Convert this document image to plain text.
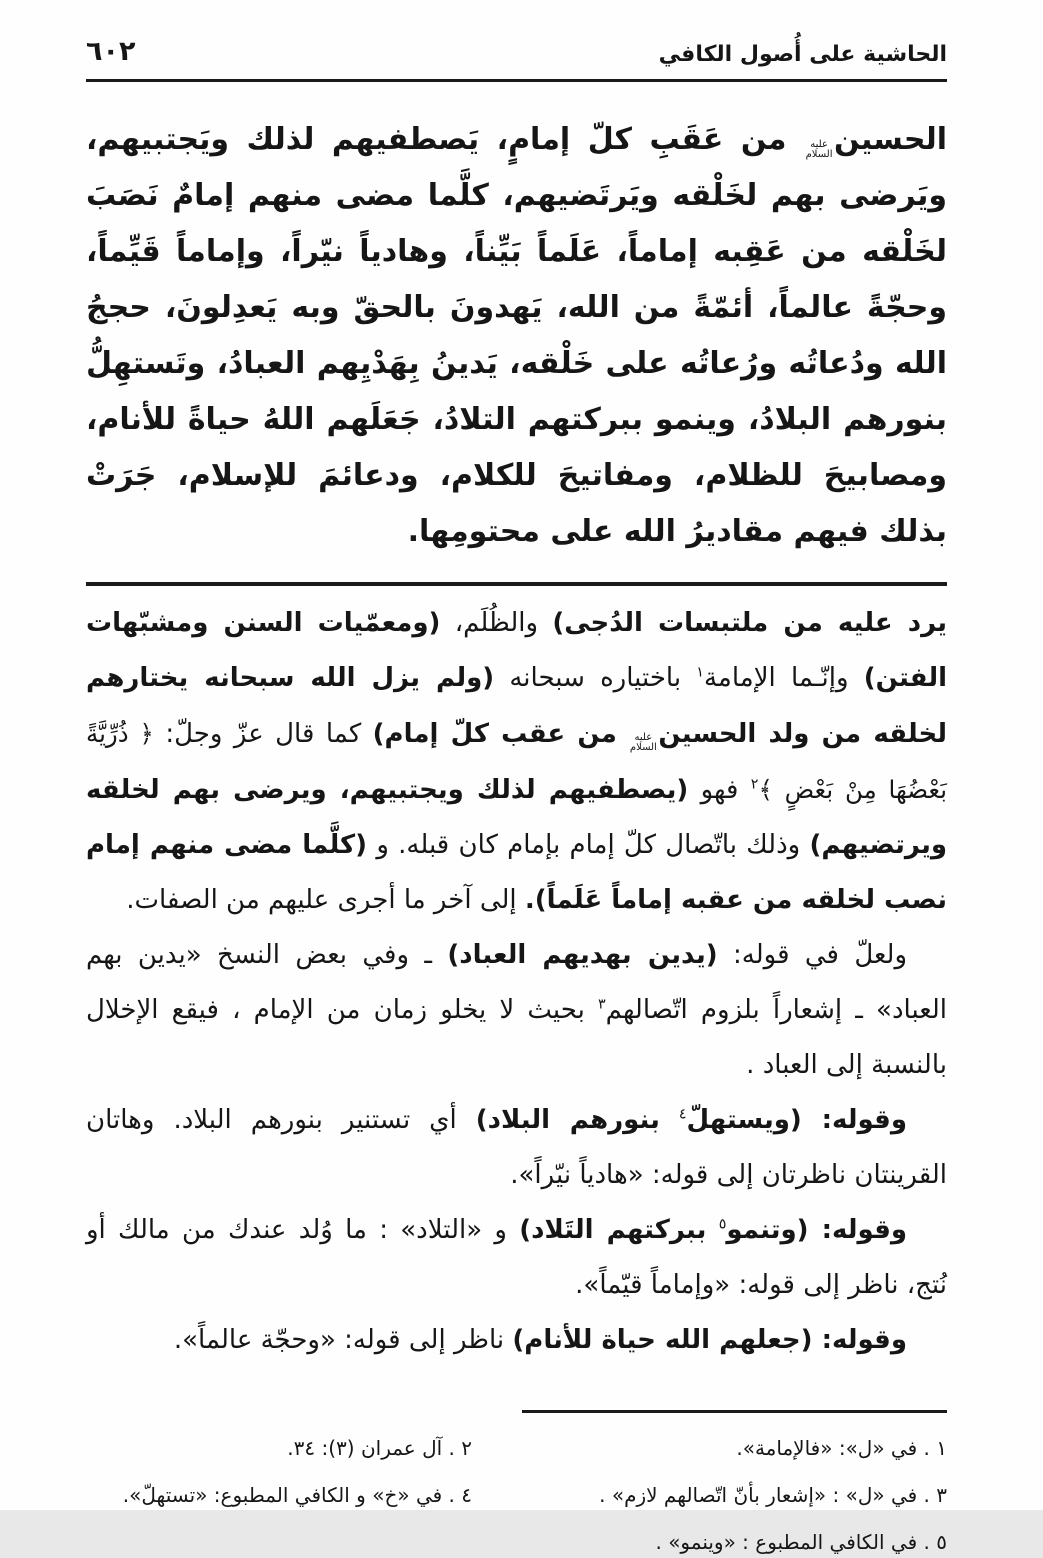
الحاشية على أُصول الكافي
٦٠٢

الحسينعليه السلام من عَقَبِ كلّ إمامٍ، يَصطفيهم لذلك ويَجتبيهم، ويَرضى بهم لخَلْقه ويَرتَضيهم، كلَّما مضى منهم إمامٌ نَصَبَ لخَلْقه من عَقِبه إماماً، عَلَماً بَيِّناً، وهادياً نيّراً، وإماماً قَيِّماً، وحجّةً عالماً، أئمّةً من الله، يَهدونَ بالحقّ وبه يَعدِلونَ، حججُ الله ودُعاتُه ورُعاتُه على خَلْقه، يَدينُ بِهَدْيِهم العبادُ، وتَستهِلُّ بنورهم البلادُ، وينمو ببركتهم التلادُ، جَعَلَهم اللهُ حياةً للأنام، ومصابيحَ للظلام، ومفاتيحَ للكلام، ودعائمَ للإسلام، جَرَتْ بذلك فيهم مقاديرُ الله على محتومِها.

يرد عليه من ملتبسات الدُجى) والظُلَم، (ومعمّيات السنن ومشبّهات الفتن) وإنّـما الإمامة$^١$ باختياره سبحانه (ولم يزل الله سبحانه يختارهم لخلقه من ولد الحسينعليه السلام من عقب كلّ إمام) كما قال عزّ وجلّ: ﴿ ذُرِّيَّةً بَعْضُهَا مِنْ بَعْضٍ ﴾$^٢$ فهو (يصطفيهم لذلك ويجتبيهم، ويرضى بهم لخلقه ويرتضيهم) وذلك باتّصال كلّ إمام بإمام كان قبله. و (كلَّما مضى منهم إمام نصب لخلقه من عقبه إماماً عَلَماً). إلى آخر ما أجرى عليهم من الصفات.

ولعلّ في قوله: (يدين بهديهم العباد) ـ وفي بعض النسخ «يدين بهم العباد» ـ إشعاراً بلزوم اتّصالهم$^٣$ بحيث لا يخلو زمان من الإمام ، فيقع الإخلال بالنسبة إلى العباد .

وقوله: (ويستهلّ$^٤$ بنورهم البلاد) أي تستنير بنورهم البلاد. وهاتان القرينتان ناظرتان إلى قوله: «هادياً نيّراً».

وقوله: (وتنمو$^٥$ ببركتهم التَلاد) و «التلاد» : ما وُلد عندك من مالك أو نُتج، ناظر إلى قوله: «وإماماً قيّماً».

وقوله: (جعلهم الله حياة للأنام) ناظر إلى قوله: «وحجّة عالماً».

١ . في «ل»: «فالإمامة».
٢ . آل عمران (٣): ٣٤.
٣ . في «ل» : «إشعار بأنّ اتّصالهم لازم» .
٤ . في «خ» و الكافي المطبوع: «تستهلّ».
٥ . في الكافي المطبوع : «وينمو» .
